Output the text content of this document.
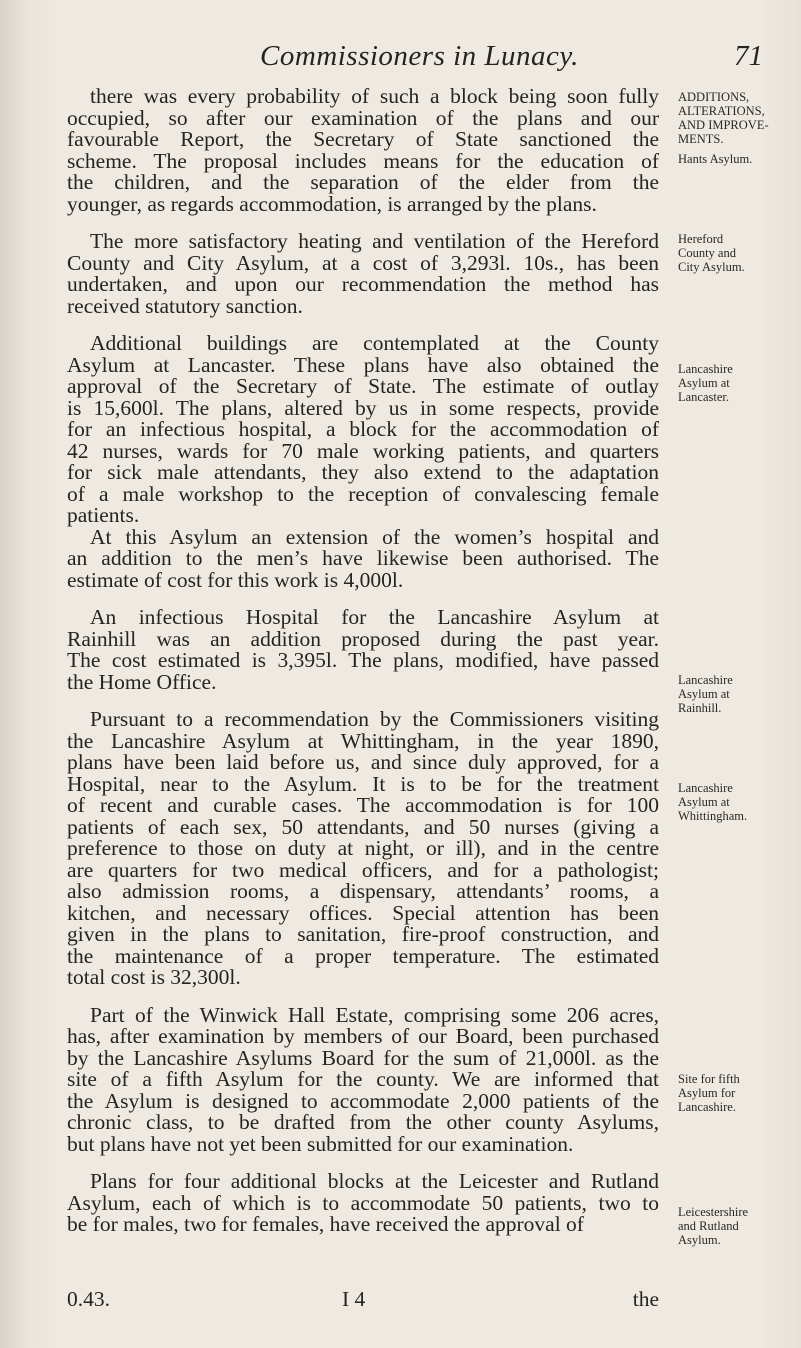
Commissioners in Lunacy.	71
there was every probability of such a block being soon fully
occupied, so after our examination of the plans and our
favourable Report, the Secretary of State sanctioned the
scheme. The proposal includes means for the education of
the children, and the separation of the elder from the
younger, as regards accommodation, is arranged by the plans.
The more satisfactory heating and ventilation of the Hereford
County and City Asylum, at a cost of 3,293l. 10s., has been
undertaken, and upon our recommendation the method has
received statutory sanction.
Additional buildings are contemplated at the County
Asylum at Lancaster. These plans have also obtained the
approval of the Secretary of State. The estimate of outlay
is 15,600l. The plans, altered by us in some respects, provide
for an infectious hospital, a block for the accommodation of
42 nurses, wards for 70 male working patients, and quarters
for sick male attendants, they also extend to the adaptation
of a male workshop to the reception of convalescing female
patients.
At this Asylum an extension of the women’s hospital and
an addition to the men’s have likewise been authorised. The
estimate of cost for this work is 4,000l.
An infectious Hospital for the Lancashire Asylum at
Rainhill was an addition proposed during the past year.
The cost estimated is 3,395l. The plans, modified, have passed
the Home Office.
Pursuant to a recommendation by the Commissioners visiting
the Lancashire Asylum at Whittingham, in the year 1890,
plans have been laid before us, and since duly approved, for a
Hospital, near to the Asylum. It is to be for the treatment
of recent and curable cases. The accommodation is for 100
patients of each sex, 50 attendants, and 50 nurses (giving a
preference to those on duty at night, or ill), and in the centre
are quarters for two medical officers, and for a pathologist;
also admission rooms, a dispensary, attendants’ rooms, a
kitchen, and necessary offices. Special attention has been
given in the plans to sanitation, fire-proof construction, and
the maintenance of a proper temperature. The estimated
total cost is 32,300l.
Part of the Winwick Hall Estate, comprising some 206 acres,
has, after examination by members of our Board, been purchased
by the Lancashire Asylums Board for the sum of 21,000l. as the
site of a fifth Asylum for the county. We are informed that
the Asylum is designed to accommodate 2,000 patients of the
chronic class, to be drafted from the other county Asylums,
but plans have not yet been submitted for our examination.
Plans for four additional blocks at the Leicester and Rutland
Asylum, each of which is to accommodate 50 patients, two to
be for males, two for females, have received the approval of
ADDITIONS,
ALTERATIONS,
AND IMPROVE-
MENTS.
Hants Asylum.
Hereford
County and
City Asylum.
Lancashire
Asylum at
Lancaster.
Lancashire
Asylum at
Rainhill.
Lancashire
Asylum at
Whittingham.
Site for fifth
Asylum for
Lancashire.
Leicestershire
and Rutland
Asylum.
0.43.	I 4	the
